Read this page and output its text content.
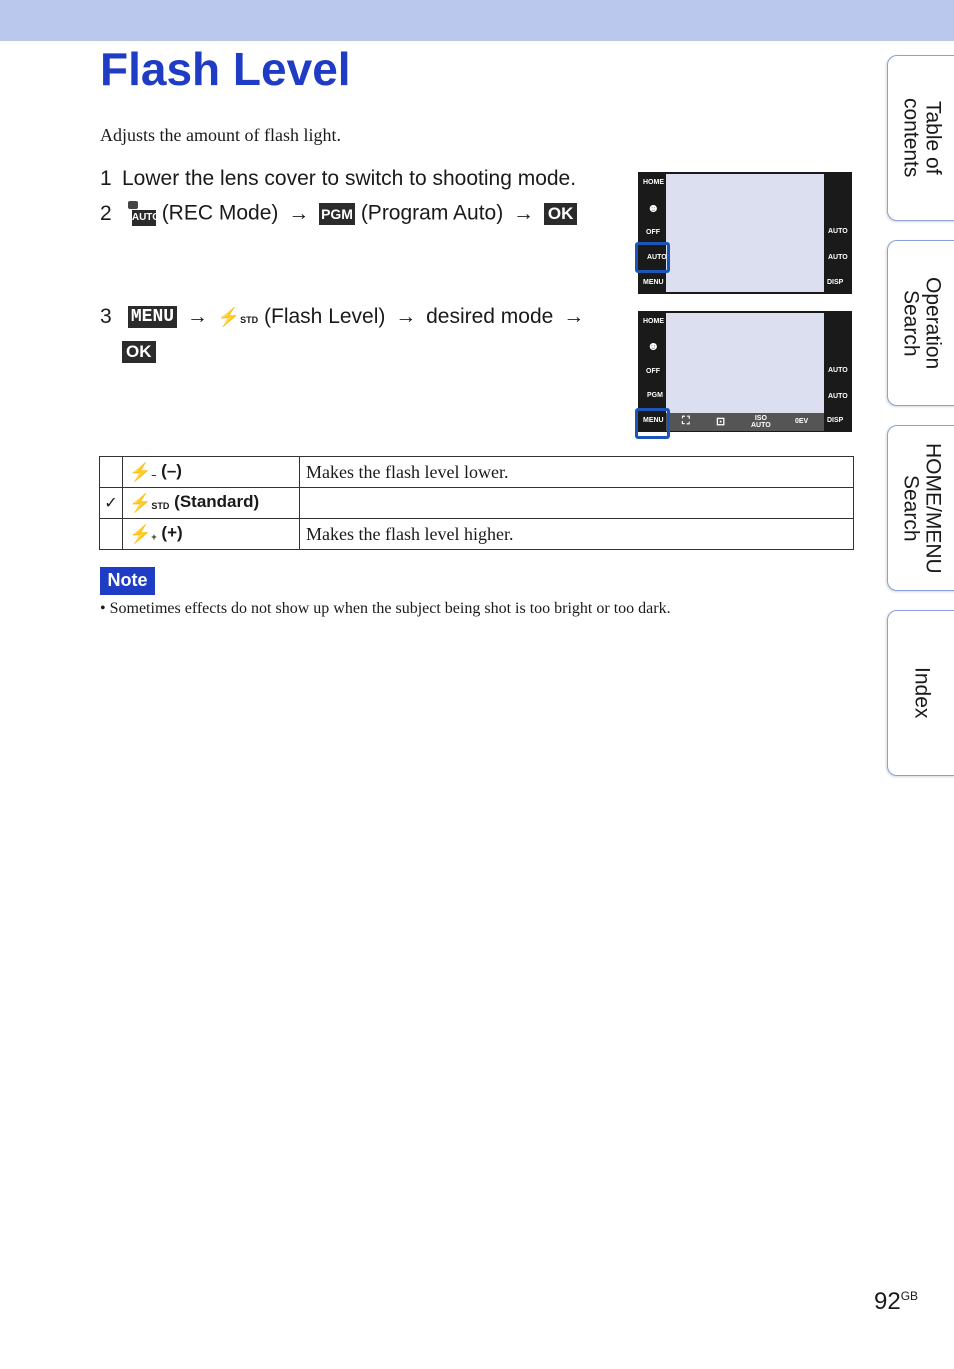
Flash Level
Adjusts the amount of flash light.
1 Lower the lens cover to switch to shooting mode.
2 AUTO (REC Mode) → PGM (Program Auto) → OK
3 MENU → ⚡STD (Flash Level) → desired mode →
OK
HOME
☻
OFF
AUTO
MENU
AUTO
AUTO
DISP
HOME
☻
OFF
PGM
MENU ⛶ ⊡	ISO
AUTO
0EV
AUTO
AUTO
DISP
	⚡– (–)	Makes the flash level lower.
✓	⚡STD (Standard)	
	⚡+ (+)	Makes the flash level higher.
Note
• Sometimes effects do not show up when the subject being shot is too bright or too dark.
Table of
contents
Operation
Search
HOME/MENU
Search
Index
$92^{GB}$
